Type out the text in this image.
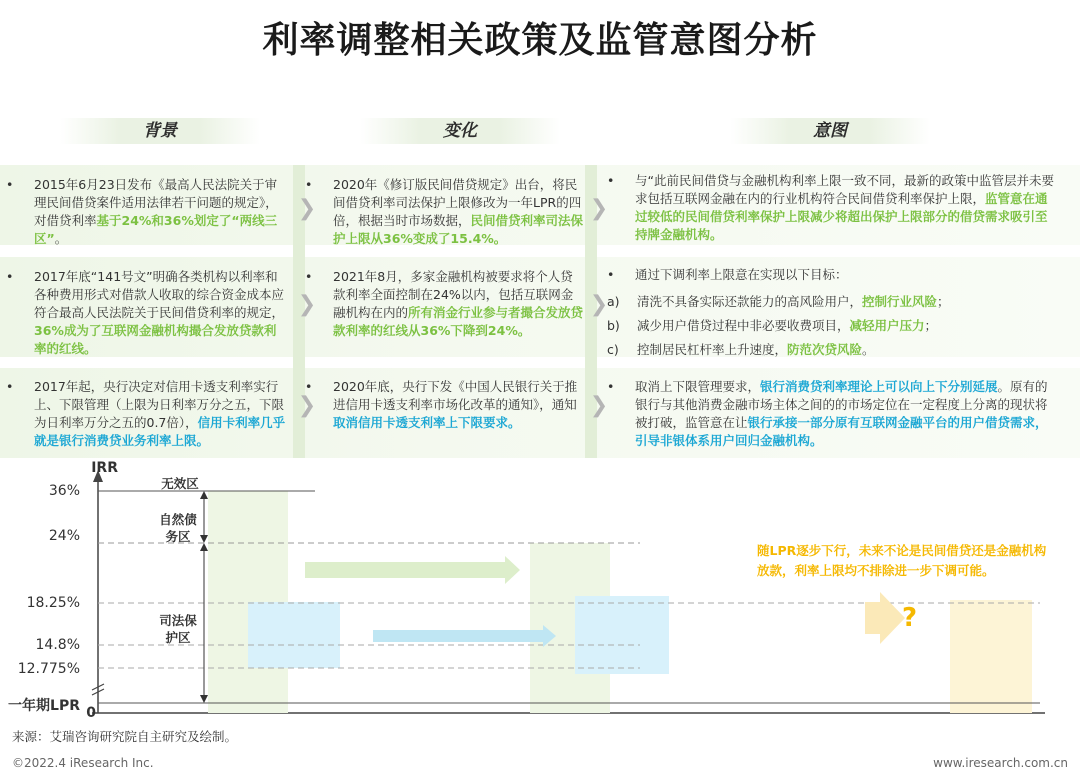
利率调整相关政策及监管意图分析
背景	变化	意图
❯
❯
❯	❯
❯	❯
•	2015年6月23日发布《最高人民法院关于审理民间借贷案件适用法律若干问题的规定》，对借贷利率基于24%和36%划定了“两线三区”。
•	2020年《修订版民间借贷规定》出台，将民间借贷利率司法保护上限修改为一年LPR的四倍，根据当时市场数据，民间借贷利率司法保护上限从36%变成了15.4%。
•	与“此前民间借贷与金融机构利率上限一致不同，最新的政策中监管层并未要求包括互联网金融在内的行业机构符合民间借贷利率保护上限，监管意在通过较低的民间借贷利率保护上限减少将超出保护上限部分的借贷需求吸引至持牌金融机构。
•	2017年底“141号文”明确各类机构以利率和各种费用形式对借款人收取的综合资金成本应符合最高人民法院关于民间借贷利率的规定，36%成为了互联网金融机构撮合发放贷款利率的红线。
•	2021年8月，多家金融机构被要求将个人贷款利率全面控制在24%以内，包括互联网金融机构在内的所有消金行业参与者撮合发放贷款利率的红线从36%下降到24%。
•	通过下调利率上限意在实现以下目标：
a) 清洗不具备实际还款能力的高风险用户，控制行业风险；
b) 减少用户借贷过程中非必要收费项目，减轻用户压力；
c) 控制居民杠杆率上升速度，防范次贷风险。
•	2017年起，央行决定对信用卡透支利率实行上、下限管理（上限为日利率万分之五，下限为日利率万分之五的0.7倍），信用卡利率几乎就是银行消费贷业务利率上限。
•	2020年底，央行下发《中国人民银行关于推进信用卡透支利率市场化改革的通知》，通知取消信用卡透支利率上下限要求。
•	取消上下限管理要求，银行消费贷利率理论上可以向上下分别延展。原有的银行与其他消费金融市场主体之间的的市场定位在一定程度上分离的现状将被打破，监管意在让银行承接一部分原有互联网金融平台的用户借贷需求，引导非银体系用户回归金融机构。
IRR
36%
24%
18.25%
14.8%
12.775%
一年期LPR 0
无效区
自然债
务区
司法保
护区
随LPR逐步下行，未来不论是民间借贷还是金融机构放款，利率上限均不排除进一步下调可能。
?
来源：艾瑞咨询研究院自主研究及绘制。
©2022.4 iResearch Inc.	www.iresearch.com.cn
